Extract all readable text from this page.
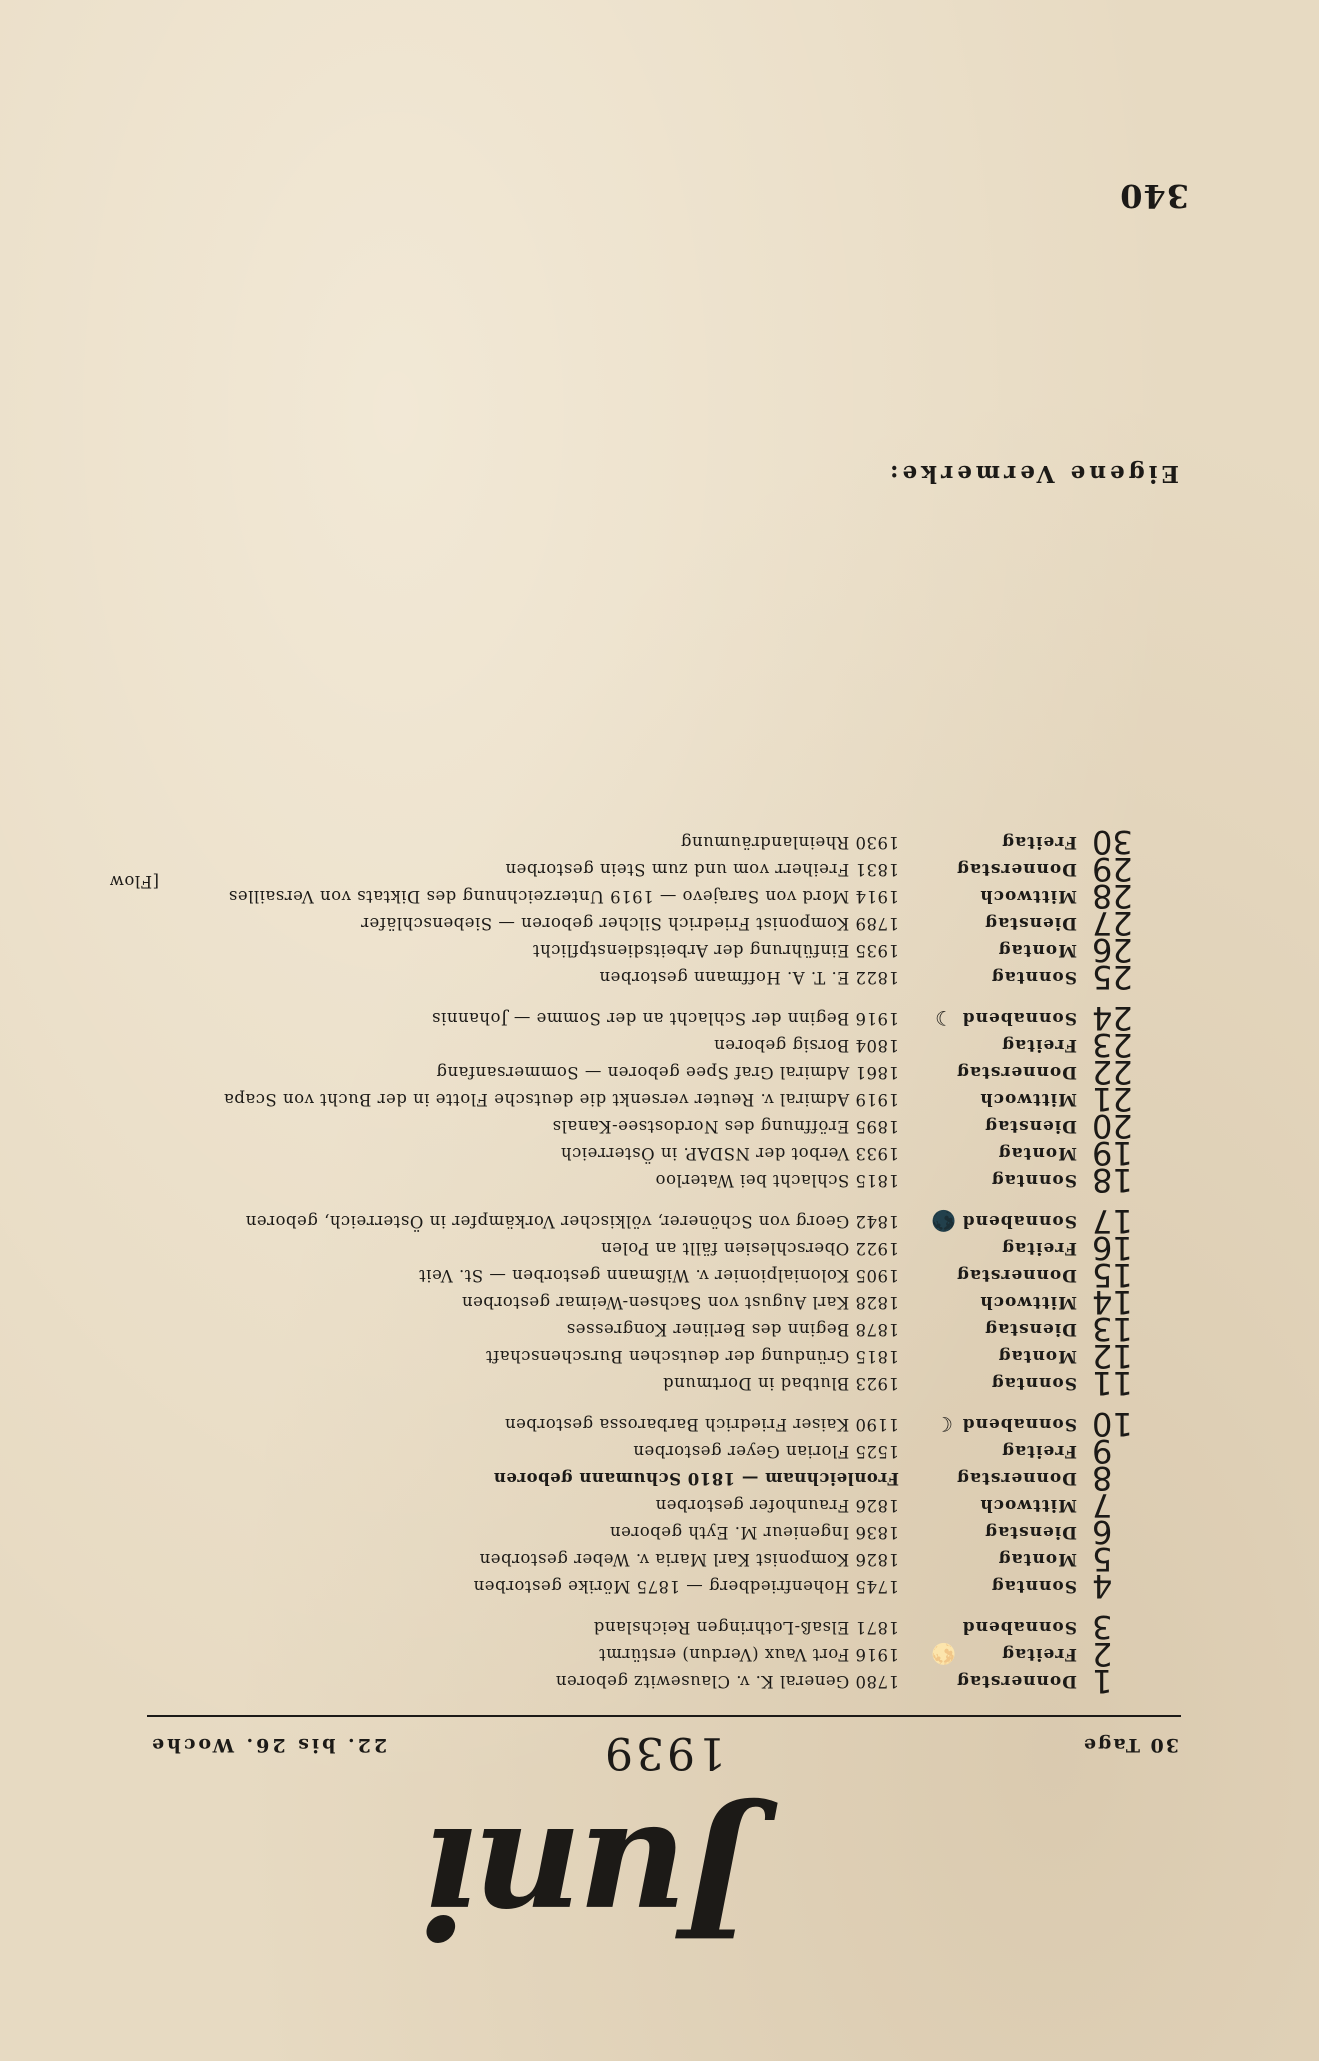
340
Juni
30 Tage
1939
22. bis 26. Woche
1
Donnerstag
1780 General K. v. Clausewitz geboren
2
Freitag
🌕
1916 Fort Vaux (Verdun) erstürmt
3
Sonnabend
1871 Elsaß-Lothringen Reichsland
4
Sonntag
1745 Hohenfriedberg — 1875 Mörike gestorben
5
Montag
1826 Komponist Karl Maria v. Weber gestorben
6
Dienstag
1836 Ingenieur M. Eyth geboren
7
Mittwoch
1826 Fraunhofer gestorben
8
Donnerstag
Fronleichnam — 1810 Schumann geboren
9
Freitag
1525 Florian Geyer gestorben
10
Sonnabend
☾
1190 Kaiser Friedrich Barbarossa gestorben
11
Sonntag
1923 Blutbad in Dortmund
12
Montag
1815 Gründung der deutschen Burschenschaft
13
Dienstag
1878 Beginn des Berliner Kongresses
14
Mittwoch
1828 Karl August von Sachsen-Weimar gestorben
15
Donnerstag
1905 Kolonialpionier v. Wißmann gestorben — St. Veit
16
Freitag
1922 Oberschlesien fällt an Polen
17
Sonnabend
🌑
1842 Georg von Schönerer, völkischer Vorkämpfer in Österreich, geboren
18
Sonntag
1815 Schlacht bei Waterloo
19
Montag
1933 Verbot der NSDAP. in Österreich
20
Dienstag
1895 Eröffnung des Nordostsee-Kanals
21
Mittwoch
1919 Admiral v. Reuter versenkt die deutsche Flotte in der Bucht von Scapa
22
Donnerstag
1861 Admiral Graf Spee geboren — Sommersanfang
23
Freitag
1804 Borsig geboren
24
Sonnabend
☽
1916 Beginn der Schlacht an der Somme — Johannis
25
Sonntag
1822 E. T. A. Hoffmann gestorben
26
Montag
1935 Einführung der Arbeitsdienstpflicht
27
Dienstag
1789 Komponist Friedrich Silcher geboren — Siebenschläfer
28
Mittwoch
1914 Mord von Sarajevo — 1919 Unterzeichnung des Diktats von Versailles
29
Donnerstag
1831 Freiherr vom und zum Stein gestorben
30
Freitag
1930 Rheinlandräumung
[Flow
Eigene Vermerke:
